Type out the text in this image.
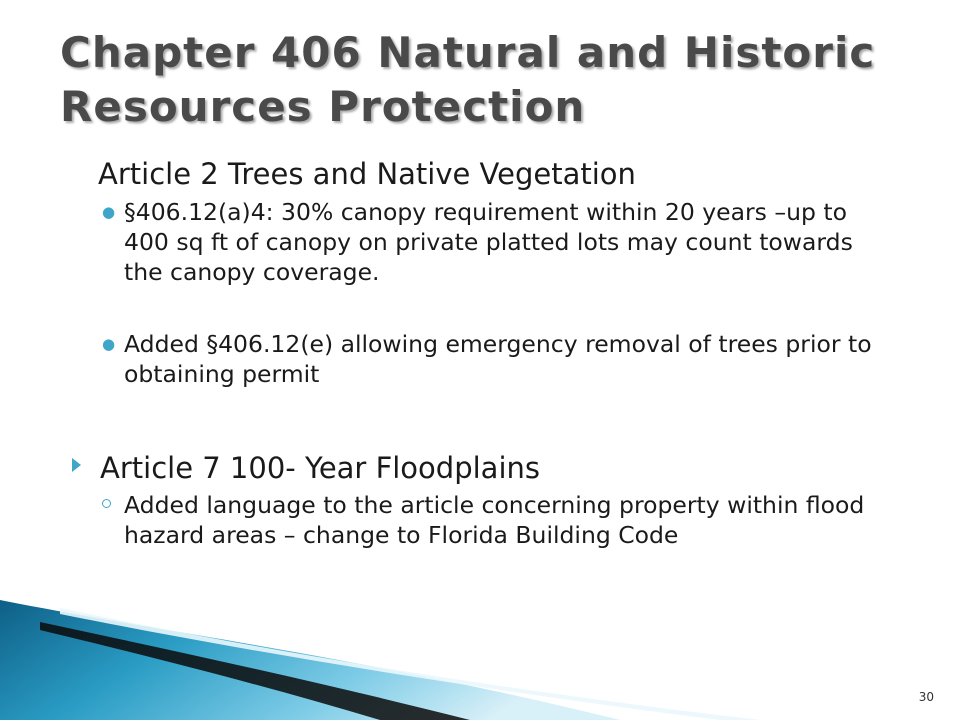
Chapter 406 Natural and Historic Resources Protection
Article 2 Trees and Native Vegetation
● §406.12(a)4: 30% canopy requirement within 20 years –up to 400 sq ft of canopy on private platted lots may count towards the canopy coverage.
● Added §406.12(e) allowing emergency removal of trees prior to obtaining permit
Article 7 100- Year Floodplains
Added language to the article concerning property within flood hazard areas – change to Florida Building Code
30
